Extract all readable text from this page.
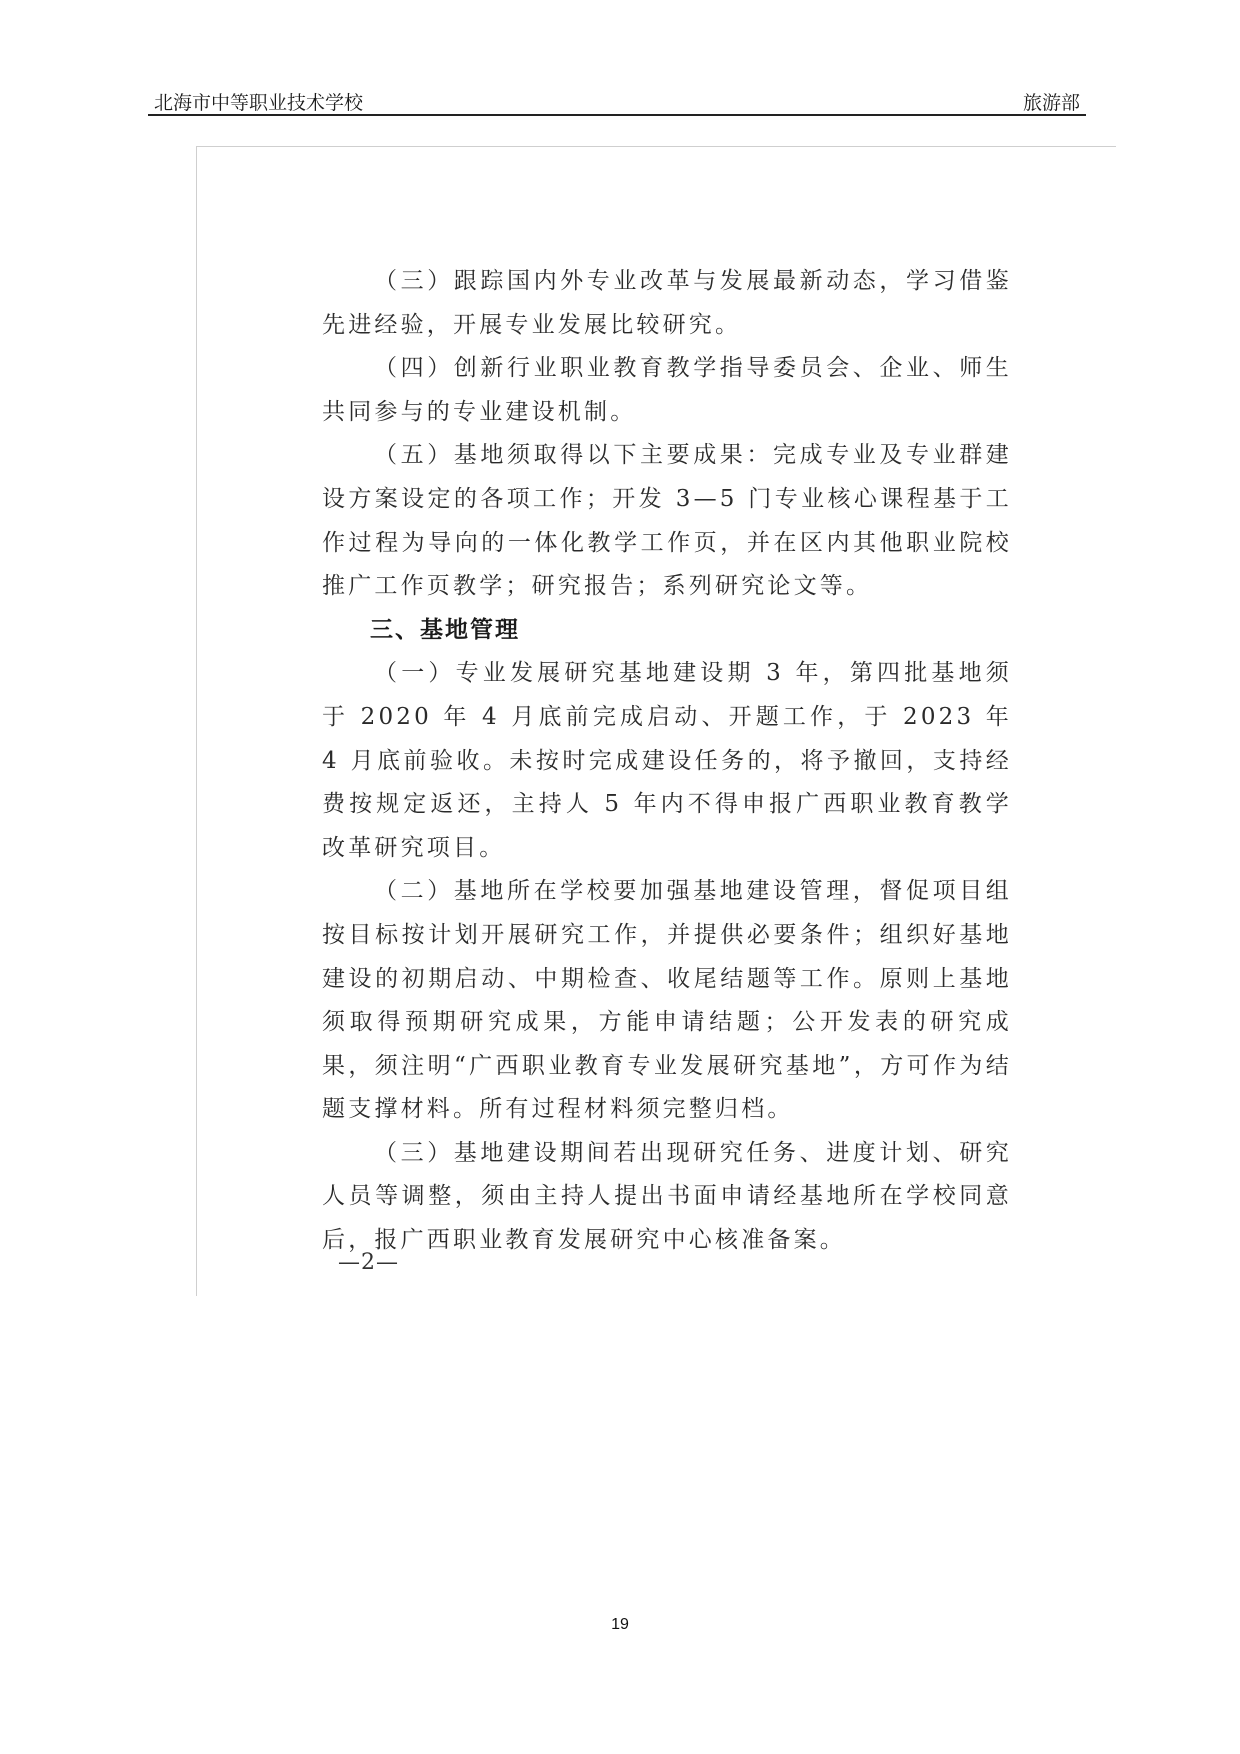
北海市中等职业技术学校	旅游部

（三）跟踪国内外专业改革与发展最新动态，学习借鉴先进经验，开展专业发展比较研究。

（四）创新行业职业教育教学指导委员会、企业、师生共同参与的专业建设机制。

（五）基地须取得以下主要成果：完成专业及专业群建设方案设定的各项工作；开发 3—5 门专业核心课程基于工作过程为导向的一体化教学工作页，并在区内其他职业院校推广工作页教学；研究报告；系列研究论文等。

三、基地管理

（一）专业发展研究基地建设期 3 年，第四批基地须于 2020 年 4 月底前完成启动、开题工作，于 2023 年 4 月底前验收。未按时完成建设任务的，将予撤回，支持经费按规定返还，主持人 5 年内不得申报广西职业教育教学改革研究项目。

（二）基地所在学校要加强基地建设管理，督促项目组按目标按计划开展研究工作，并提供必要条件；组织好基地建设的初期启动、中期检查、收尾结题等工作。原则上基地须取得预期研究成果，方能申请结题；公开发表的研究成果，须注明“广西职业教育专业发展研究基地”，方可作为结题支撑材料。所有过程材料须完整归档。

（三）基地建设期间若出现研究任务、进度计划、研究人员等调整，须由主持人提出书面申请经基地所在学校同意后，报广西职业教育发展研究中心核准备案。

—2—
19
